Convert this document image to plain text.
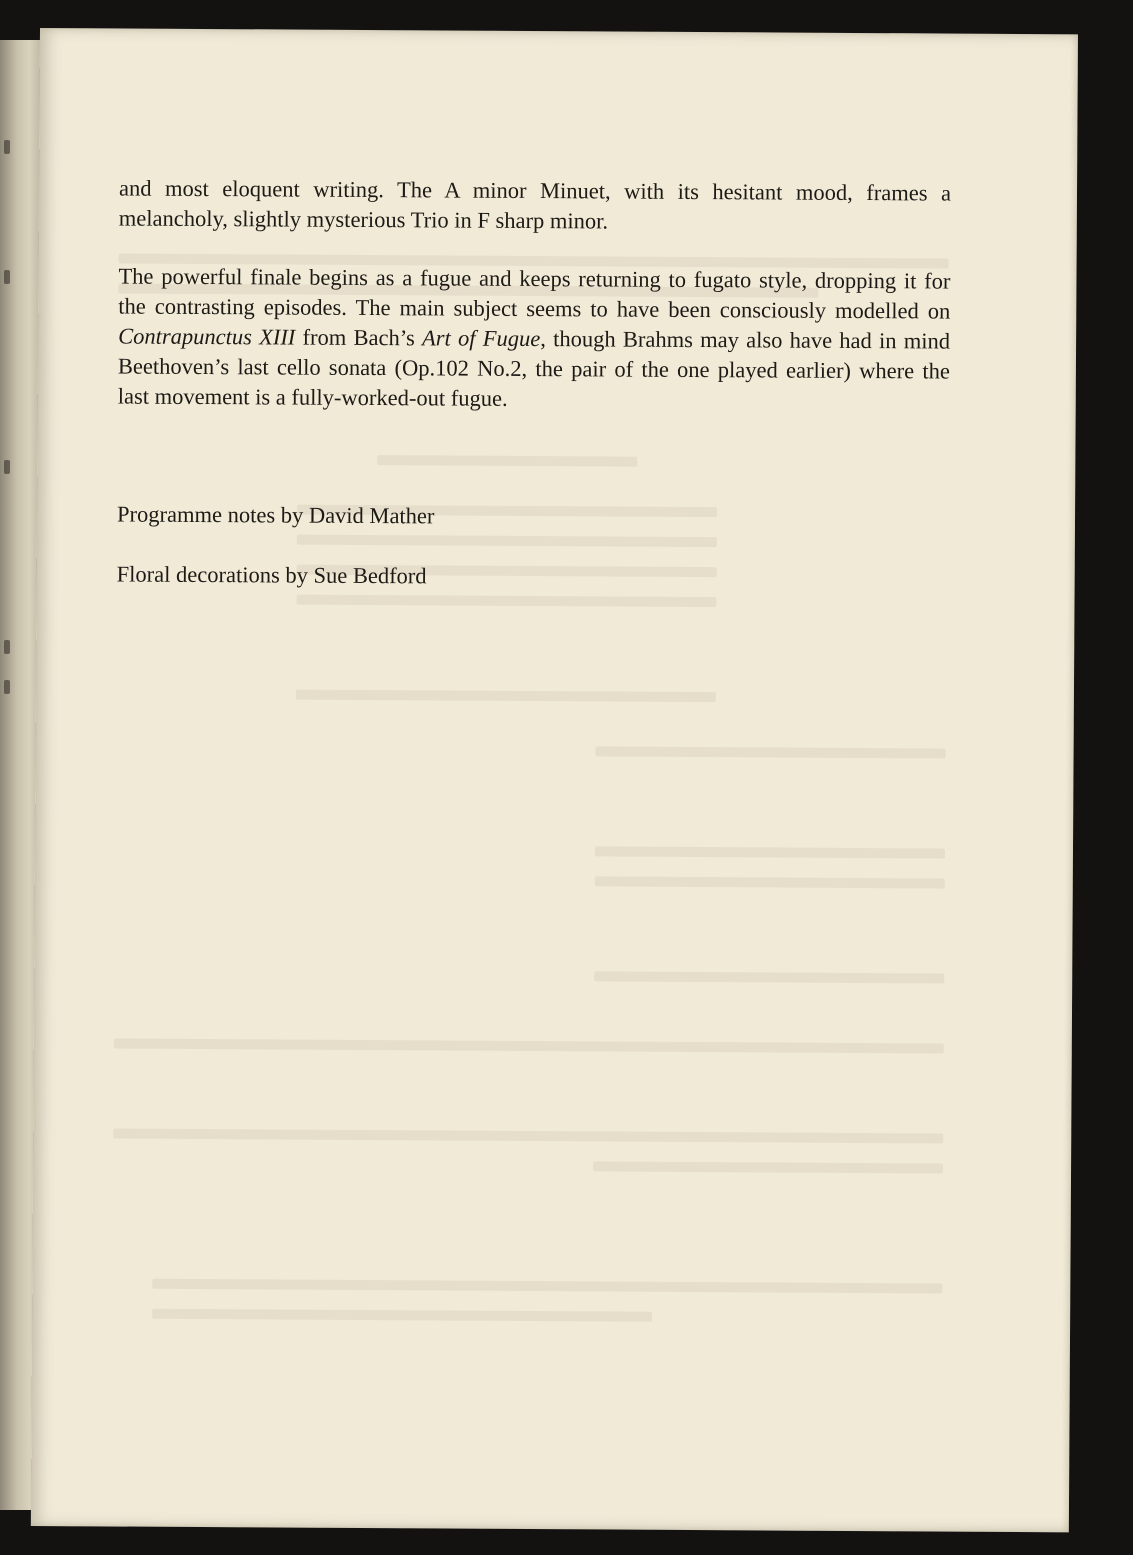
and most eloquent writing. The A minor Minuet, with its hesitant mood, frames a melancholy, slightly mysterious Trio in F sharp minor.

The powerful finale begins as a fugue and keeps returning to fugato style, dropping it for the contrasting episodes. The main subject seems to have been consciously modelled on Contrapunctus XIII from Bach’s Art of Fugue, though Brahms may also have had in mind Beethoven’s last cello sonata (Op.102 No.2, the pair of the one played earlier) where the last movement is a fully-worked-out fugue.

Programme notes by David Mather

Floral decorations by Sue Bedford
